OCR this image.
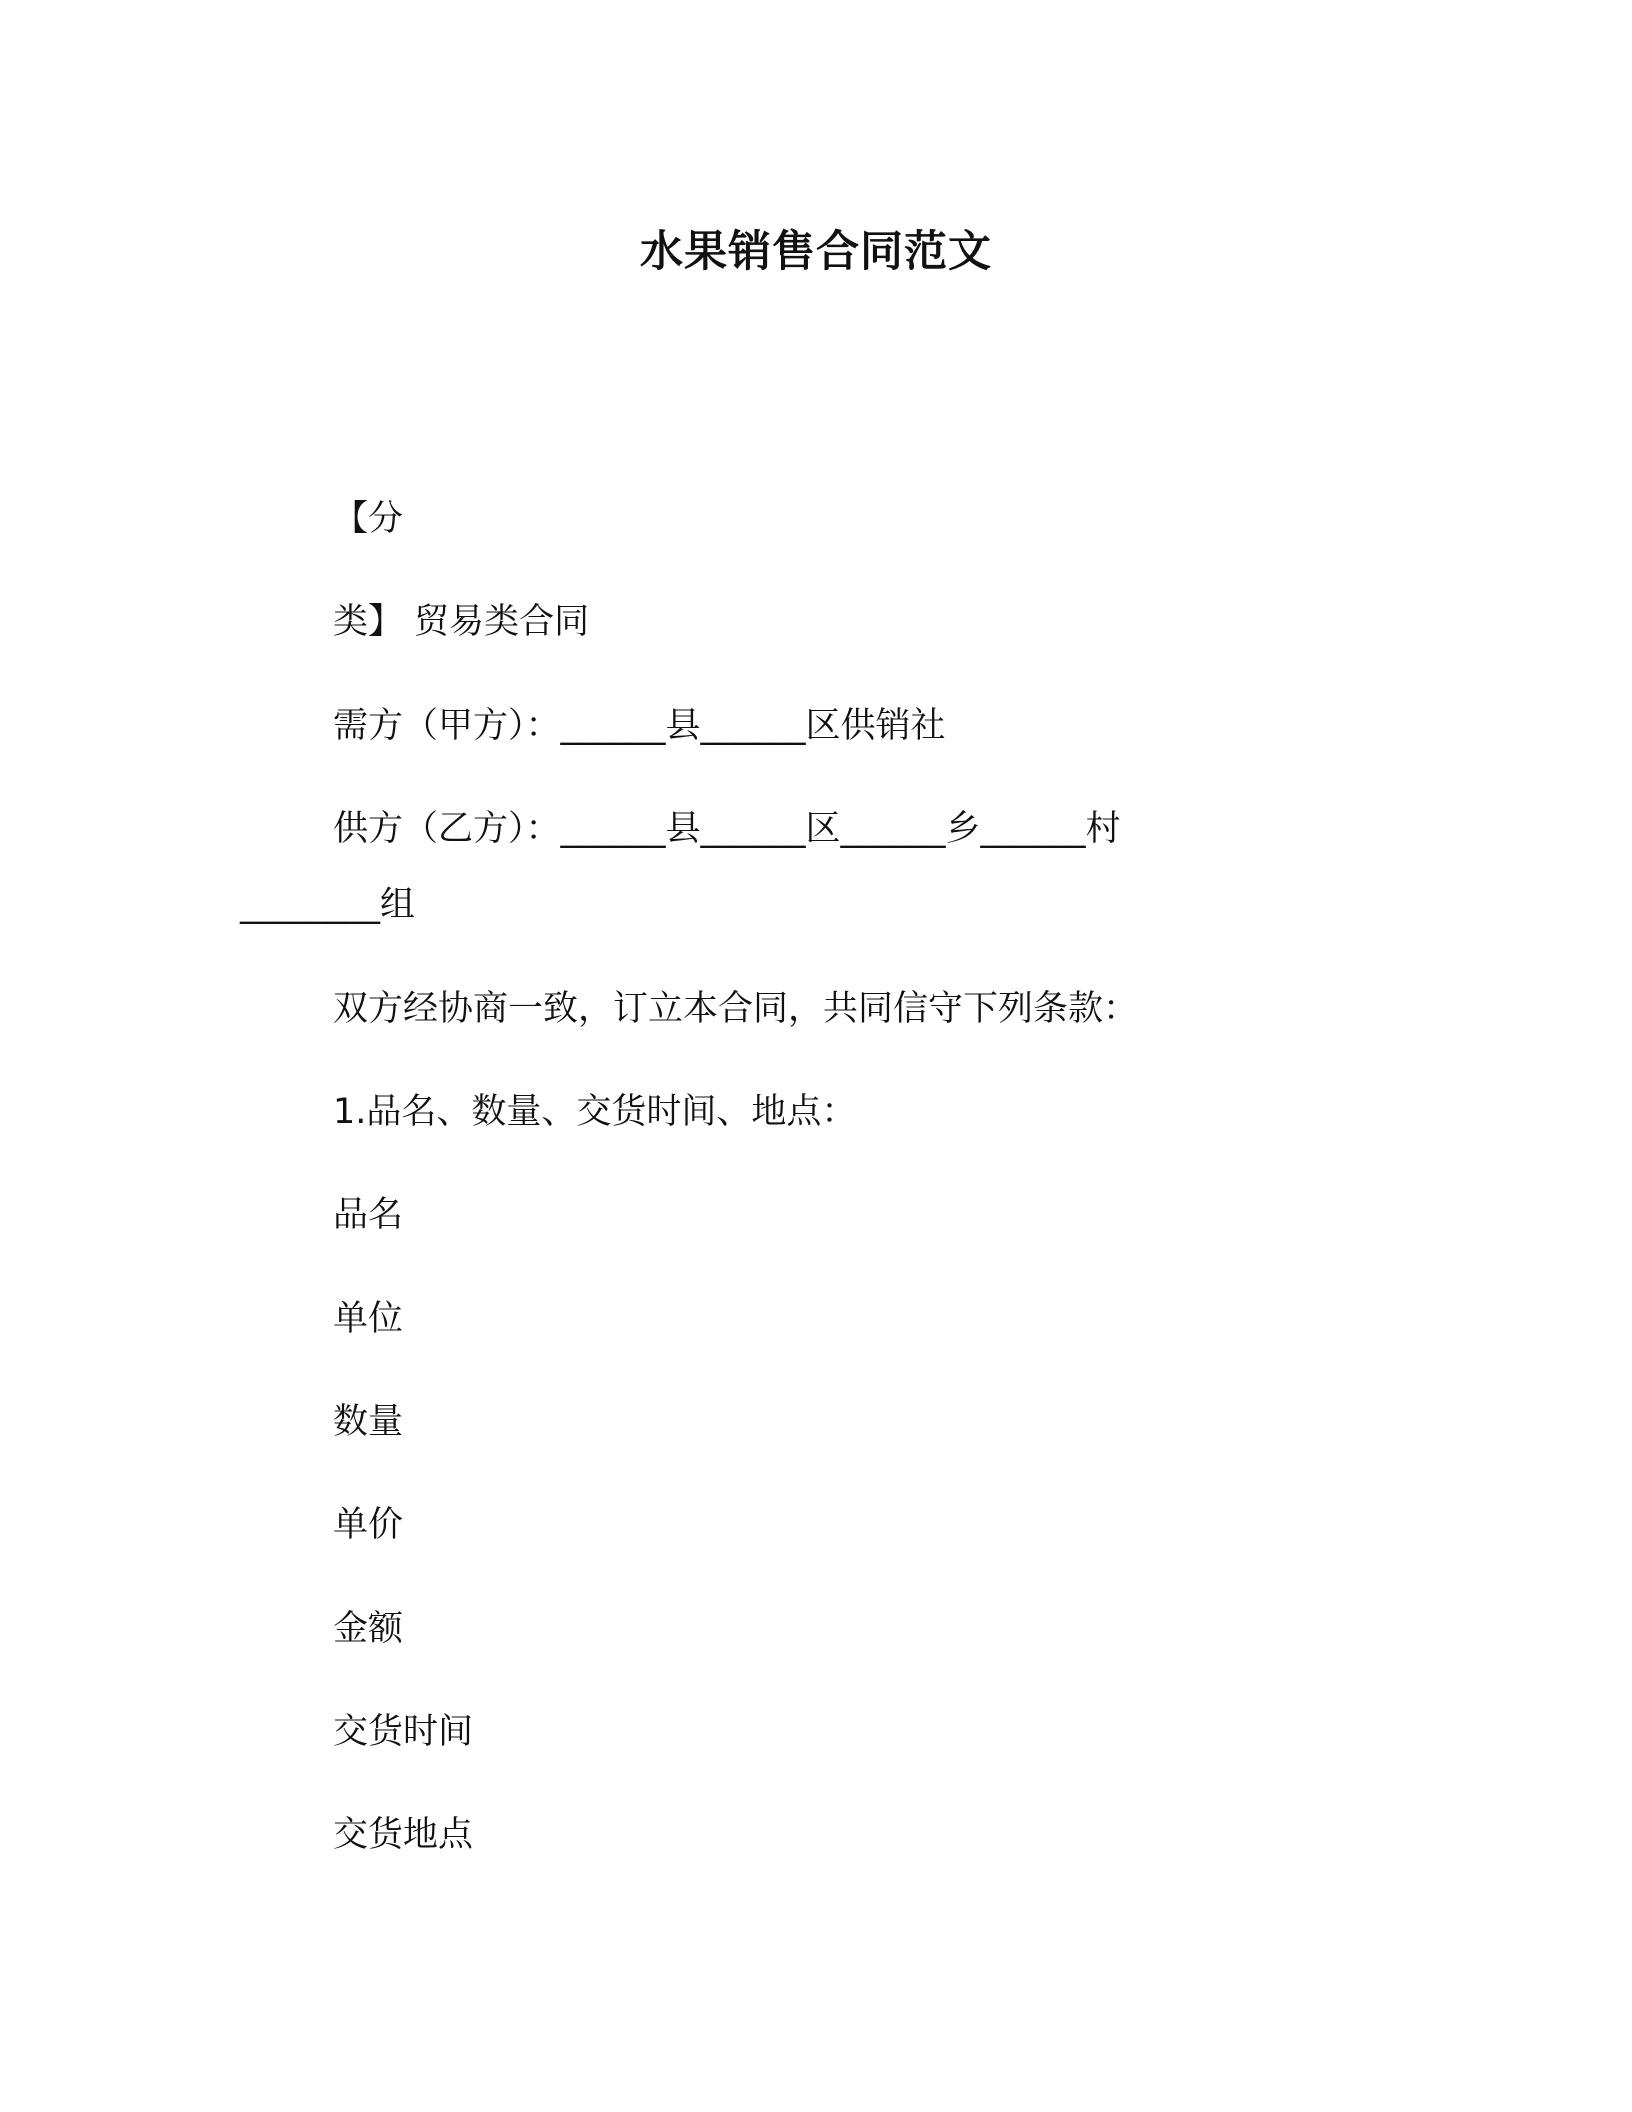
水果销售合同范文

【分

类】 贸易类合同

需方（甲方）：______县______区供销社

供方（乙方）：______县______区______乡______村

________组

双方经协商一致，订立本合同，共同信守下列条款：

1.品名、数量、交货时间、地点：

品名

单位

数量

单价

金额

交货时间

交货地点
